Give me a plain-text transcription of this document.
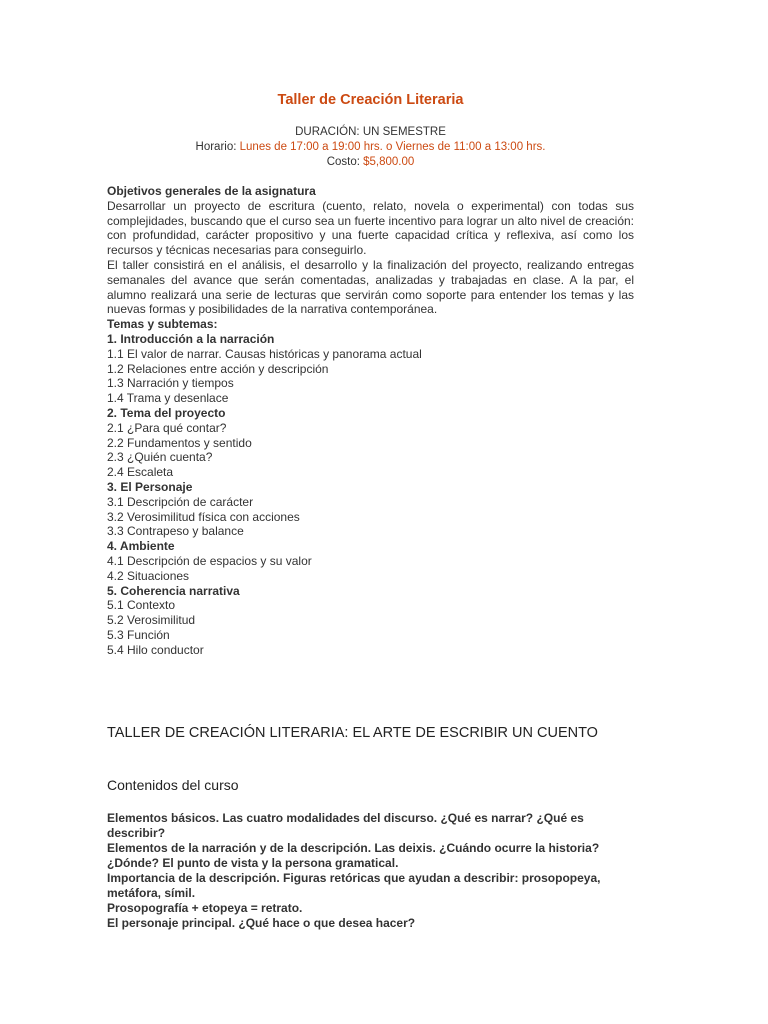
Taller de Creación Literaria
DURACIÓN: UN SEMESTRE
Horario: Lunes de 17:00 a 19:00 hrs. o Viernes de 11:00 a 13:00 hrs.
Costo: $5,800.00

Objetivos generales de la asignatura

Desarrollar un proyecto de escritura (cuento, relato, novela o experimental) con todas sus complejidades, buscando que el curso sea un fuerte incentivo para lograr un alto nivel de creación: con profundidad, carácter propositivo y una fuerte capacidad crítica y reflexiva, así como los recursos y técnicas necesarias para conseguirlo.

El taller consistirá en el análisis, el desarrollo y la finalización del proyecto, realizando entregas semanales del avance que serán comentadas, analizadas y trabajadas en clase. A la par, el alumno realizará una serie de lecturas que servirán como soporte para entender los temas y las nuevas formas y posibilidades de la narrativa contemporánea.

Temas y subtemas:

1. Introducción a la narración

1.1 El valor de narrar. Causas históricas y panorama actual

1.2 Relaciones entre acción y descripción

1.3 Narración y tiempos

1.4 Trama y desenlace

2. Tema del proyecto

2.1 ¿Para qué contar?

2.2 Fundamentos y sentido

2.3 ¿Quién cuenta?

2.4 Escaleta

3. El Personaje

3.1 Descripción de carácter

3.2 Verosimilitud física con acciones

3.3 Contrapeso y balance

4. Ambiente

4.1 Descripción de espacios y su valor

4.2 Situaciones

5. Coherencia narrativa

5.1 Contexto

5.2 Verosimilitud

5.3 Función

5.4 Hilo conductor

TALLER DE CREACIÓN LITERARIA: EL ARTE DE ESCRIBIR UN CUENTO
Contenidos del curso

Elementos básicos. Las cuatro modalidades del discurso. ¿Qué es narrar? ¿Qué es describir?

Elementos de la narración y de la descripción. Las deixis. ¿Cuándo ocurre la historia? ¿Dónde? El punto de vista y la persona gramatical.

Importancia de la descripción. Figuras retóricas que ayudan a describir: prosopopeya, metáfora, símil.

Prosopografía + etopeya = retrato.

El personaje principal. ¿Qué hace o que desea hacer?
